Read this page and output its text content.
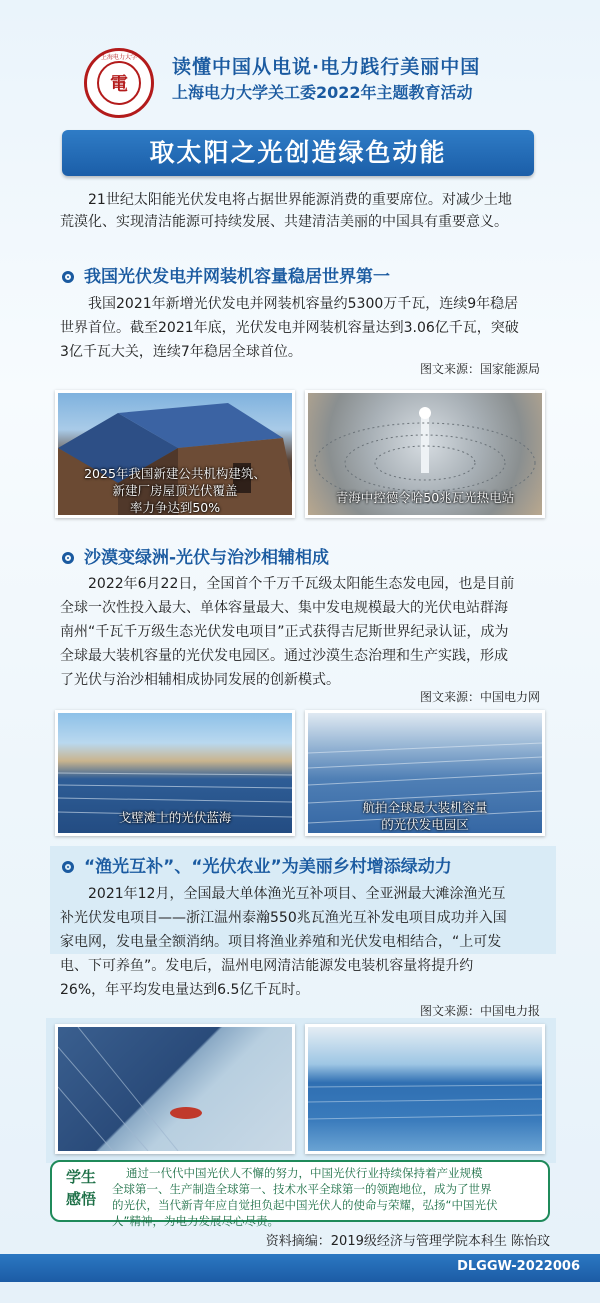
上海电力大学
電
读懂中国从电说·电力践行美丽中国
上海电力大学关工委2022年主题教育活动
取太阳之光创造绿色动能
21世纪太阳能光伏发电将占据世界能源消费的重要席位。对减少土地
荒漠化、实现清洁能源可持续发展、共建清洁美丽的中国具有重要意义。
我国光伏发电并网装机容量稳居世界第一
我国2021年新增光伏发电并网装机容量约5300万千瓦，连续9年稳居
世界首位。截至2021年底，光伏发电并网装机容量达到3.06亿千瓦，突破
3亿千瓦大关，连续7年稳居全球首位。
图文来源：国家能源局
2025年我国新建公共机构建筑、
新建厂房屋顶光伏覆盖
率力争达到50%
青海中控德令哈50兆瓦光热电站
沙漠变绿洲-光伏与治沙相辅相成
2022年6月22日，全国首个千万千瓦级太阳能生态发电园，也是目前
全球一次性投入最大、单体容量最大、集中发电规模最大的光伏电站群海
南州“千瓦千万级生态光伏发电项目”正式获得吉尼斯世界纪录认证，成为
全球最大装机容量的光伏发电园区。通过沙漠生态治理和生产实践，形成
了光伏与治沙相辅相成协同发展的创新模式。
图文来源：中国电力网
戈壁滩上的光伏蓝海
航拍全球最大装机容量
的光伏发电园区
“渔光互补”、“光伏农业”为美丽乡村增添绿动力
2021年12月，全国最大单体渔光互补项目、全亚洲最大滩涂渔光互
补光伏发电项目——浙江温州泰瀚550兆瓦渔光互补发电项目成功并入国
家电网，发电量全额消纳。项目将渔业养殖和光伏发电相结合，“上可发
电、下可养鱼”。发电后，温州电网清洁能源发电装机容量将提升约
26%，年平均发电量达到6.5亿千瓦时。
图文来源：中国电力报
学生
感悟
通过一代代中国光伏人不懈的努力，中国光伏行业持续保持着产业规模
全球第一、生产制造全球第一、技术水平全球第一的领跑地位，成为了世界
的光伏，当代新青年应自觉担负起中国光伏人的使命与荣耀，弘扬“中国光伏
人”精神，为电力发展尽心尽责。
资料摘编：2019级经济与管理学院本科生 陈怡玟
DLGGW-2022006
